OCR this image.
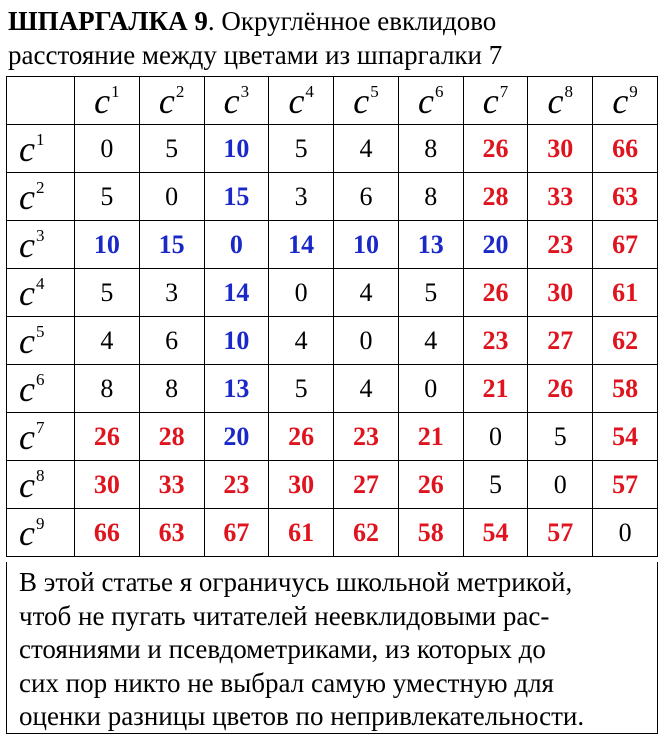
ШПАРГАЛКА 9. Округлённое евклидово
расстояние между цветами из шпаргалки 7
	$c^1$	$c^2$	$c^3$	$c^4$	$c^5$	$c^6$	$c^7$	$c^8$	$c^9$
$c^1$	0	5	10	5	4	8	26	30	66
$c^2$	5	0	15	3	6	8	28	33	63
$c^3$	10	15	0	14	10	13	20	23	67
$c^4$	5	3	14	0	4	5	26	30	61
$c^5$	4	6	10	4	0	4	23	27	62
$c^6$	8	8	13	5	4	0	21	26	58
$c^7$	26	28	20	26	23	21	0	5	54
$c^8$	30	33	23	30	27	26	5	0	57
$c^9$	66	63	67	61	62	58	54	57	0
В этой статье я ограничусь школьной метрикой,
чтоб не пугать читателей неевклидовыми рас-
стояниями и псевдометриками, из которых до
сих пор никто не выбрал самую уместную для
оценки разницы цветов по непривлекательности.
